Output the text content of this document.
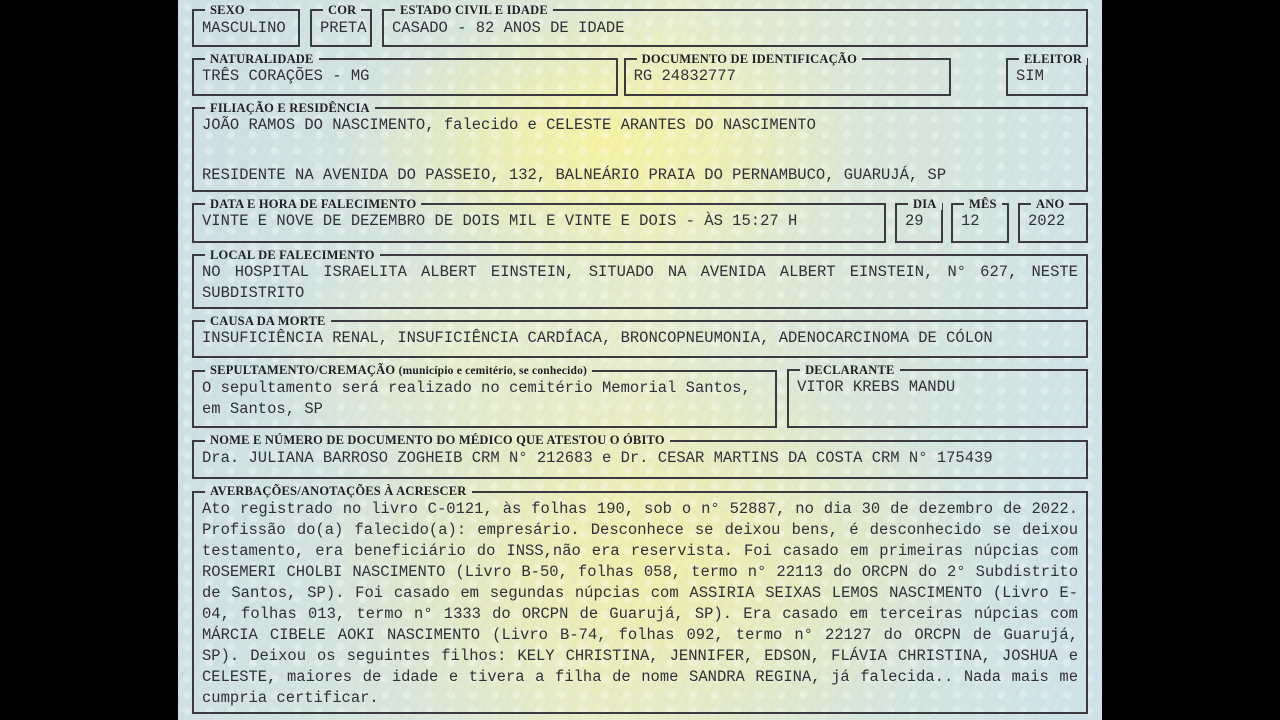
SEXO
MASCULINO
COR
PRETA
ESTADO CIVIL E IDADE
CASADO - 82 ANOS DE IDADE
NATURALIDADE
TRÊS CORAÇÕES - MG
DOCUMENTO DE IDENTIFICAÇÃO
RG 24832777
ELEITOR
SIM
FILIAÇÃO E RESIDÊNCIA
JOÃO RAMOS DO NASCIMENTO, falecido e CELESTE ARANTES DO NASCIMENTO
RESIDENTE NA AVENIDA DO PASSEIO, 132, BALNEÁRIO PRAIA DO PERNAMBUCO, GUARUJÁ, SP
DATA E HORA DE FALECIMENTO
VINTE E NOVE DE DEZEMBRO DE DOIS MIL E VINTE E DOIS - ÀS 15:27 H
DIA
29
MÊS
12
ANO
2022
LOCAL DE FALECIMENTO
NO HOSPITAL ISRAELITA ALBERT EINSTEIN, SITUADO NA AVENIDA ALBERT EINSTEIN, N° 627, NESTE SUBDISTRITO
CAUSA DA MORTE
INSUFICIÊNCIA RENAL, INSUFICIÊNCIA CARDÍACA, BRONCOPNEUMONIA, ADENOCARCINOMA DE CÓLON
SEPULTAMENTO/CREMAÇÃO (município e cemitério, se conhecido)
O sepultamento será realizado no cemitério Memorial Santos, em Santos, SP
DECLARANTE
VITOR KREBS MANDU
NOME E NÚMERO DE DOCUMENTO DO MÉDICO QUE ATESTOU O ÓBITO
Dra. JULIANA BARROSO ZOGHEIB CRM N° 212683 e Dr. CESAR MARTINS DA COSTA CRM N° 175439
AVERBAÇÕES/ANOTAÇÕES À ACRESCER
Ato registrado no livro C-0121, às folhas 190, sob o n° 52887, no dia 30 de dezembro de 2022. Profissão do(a) falecido(a): empresário. Desconhece se deixou bens, é desconhecido se deixou testamento, era beneficiário do INSS,não era reservista. Foi casado em primeiras núpcias com ROSEMERI CHOLBI NASCIMENTO (Livro B-50, folhas 058, termo n° 22113 do ORCPN do 2° Subdistrito de Santos, SP). Foi casado em segundas núpcias com ASSIRIA SEIXAS LEMOS NASCIMENTO (Livro E-04, folhas 013, termo n° 1333 do ORCPN de Guarujá, SP). Era casado em terceiras núpcias com MÁRCIA CIBELE AOKI NASCIMENTO (Livro B-74, folhas 092, termo n° 22127 do ORCPN de Guarujá, SP). Deixou os seguintes filhos: KELY CHRISTINA, JENNIFER, EDSON, FLÁVIA CHRISTINA, JOSHUA e CELESTE, maiores de idade e tivera a filha de nome SANDRA REGINA, já falecida.. Nada mais me cumpria certificar.
